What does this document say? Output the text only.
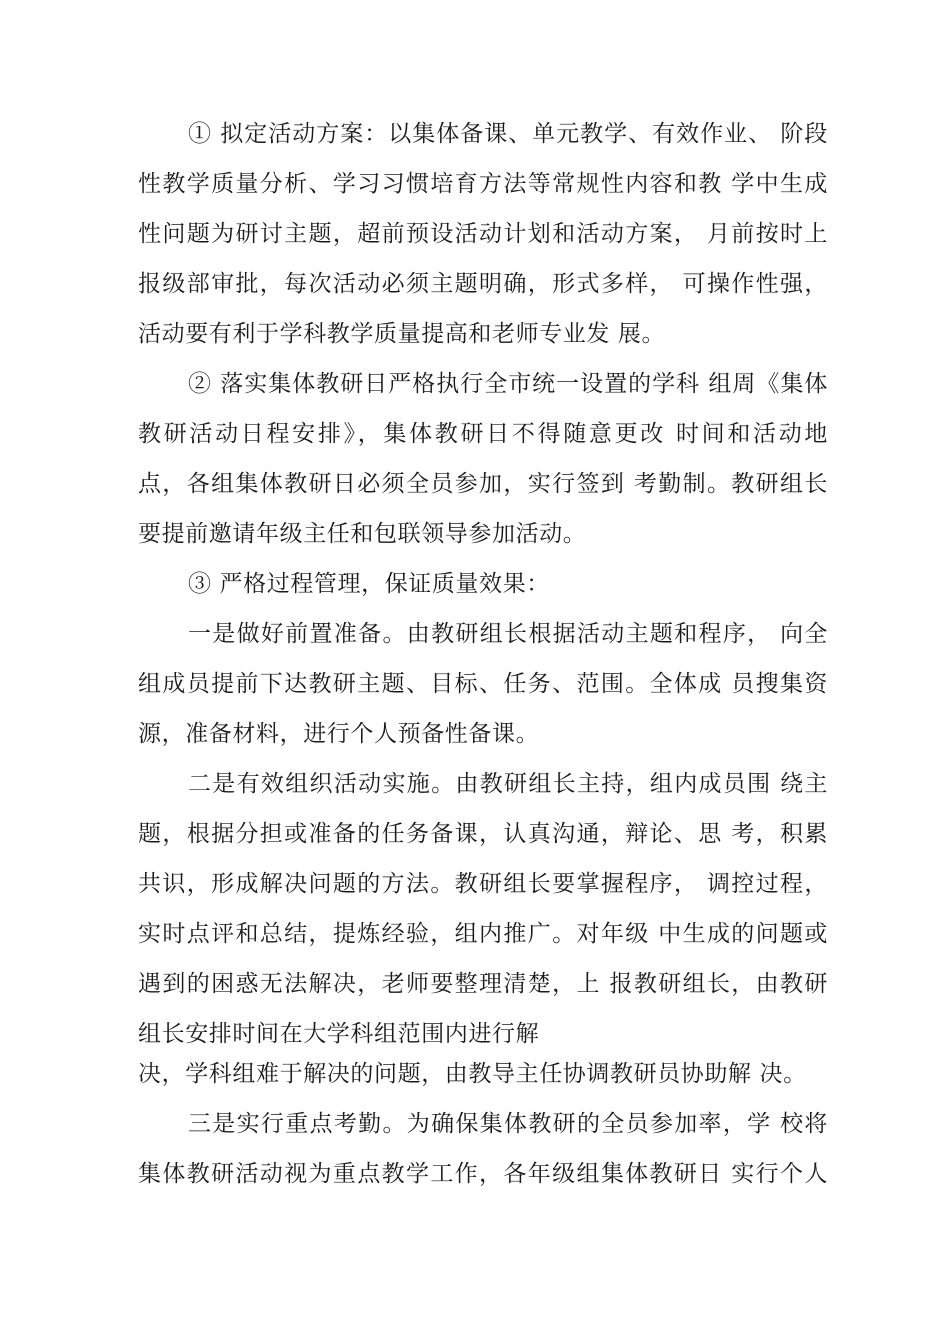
① 拟定活动方案：以集体备课、单元教学、有效作业、 阶段
性教学质量分析、学习习惯培育方法等常规性内容和教 学中生成
性问题为研讨主题，超前预设活动计划和活动方案， 月前按时上
报级部审批，每次活动必须主题明确，形式多样， 可操作性强，
活动要有利于学科教学质量提高和老师专业发 展。
② 落实集体教研日严格执行全市统一设置的学科 组周《集体
教研活动日程安排》，集体教研日不得随意更改 时间和活动地
点，各组集体教研日必须全员参加，实行签到 考勤制。教研组长
要提前邀请年级主任和包联领导参加活动。
③ 严格过程管理，保证质量效果：
一是做好前置准备。由教研组长根据活动主题和程序， 向全
组成员提前下达教研主题、目标、任务、范围。全体成 员搜集资
源，准备材料，进行个人预备性备课。
二是有效组织活动实施。由教研组长主持，组内成员围 绕主
题，根据分担或准备的任务备课，认真沟通，辩论、思 考，积累
共识，形成解决问题的方法。教研组长要掌握程序， 调控过程，
实时点评和总结，提炼经验，组内推广。对年级 中生成的问题或
遇到的困惑无法解决，老师要整理清楚，上 报教研组长，由教研
组长安排时间在大学科组范围内进行解
决，学科组难于解决的问题，由教导主任协调教研员协助解 决。
三是实行重点考勤。为确保集体教研的全员参加率，学 校将
集体教研活动视为重点教学工作，各年级组集体教研日 实行个人
